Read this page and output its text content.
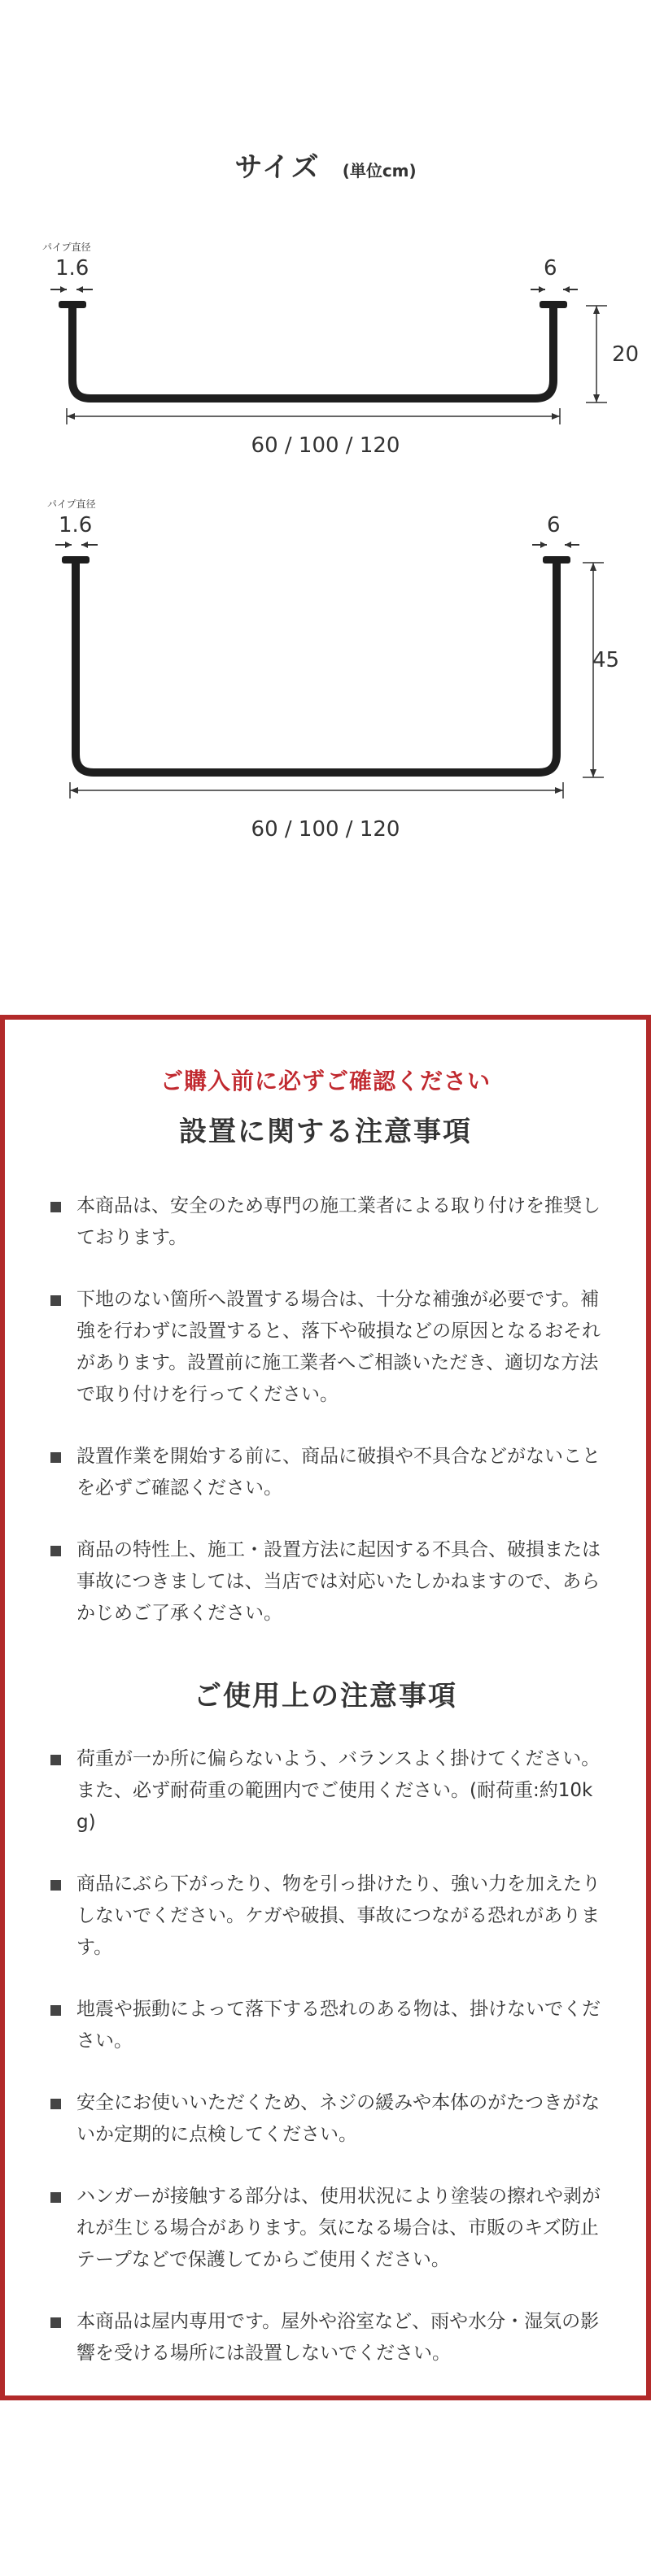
サイズ (単位cm)
パイプ直径
1.6	6
20
60 / 100 / 120
パイプ直径
1.6	6
45
60 / 100 / 120
ご購入前に必ずご確認ください
設置に関する注意事項
本商品は、安全のため専門の施工業者による取り付けを推奨しております。
下地のない箇所へ設置する場合は、十分な補強が必要です。補強を行わずに設置すると、落下や破損などの原因となるおそれがあります。設置前に施工業者へご相談いただき、適切な方法で取り付けを行ってください。
設置作業を開始する前に、商品に破損や不具合などがないことを必ずご確認ください。
商品の特性上、施工・設置方法に起因する不具合、破損または事故につきましては、当店では対応いたしかねますので、あらかじめご了承ください。
ご使用上の注意事項
荷重が一か所に偏らないよう、バランスよく掛けてください。また、必ず耐荷重の範囲内でご使用ください。(耐荷重:約10kg)
商品にぶら下がったり、物を引っ掛けたり、強い力を加えたりしないでください。ケガや破損、事故につながる恐れがあります。
地震や振動によって落下する恐れのある物は、掛けないでください。
安全にお使いいただくため、ネジの緩みや本体のがたつきがないか定期的に点検してください。
ハンガーが接触する部分は、使用状況により塗装の擦れや剥がれが生じる場合があります。気になる場合は、市販のキズ防止テープなどで保護してからご使用ください。
本商品は屋内専用です。屋外や浴室など、雨や水分・湿気の影響を受ける場所には設置しないでください。
